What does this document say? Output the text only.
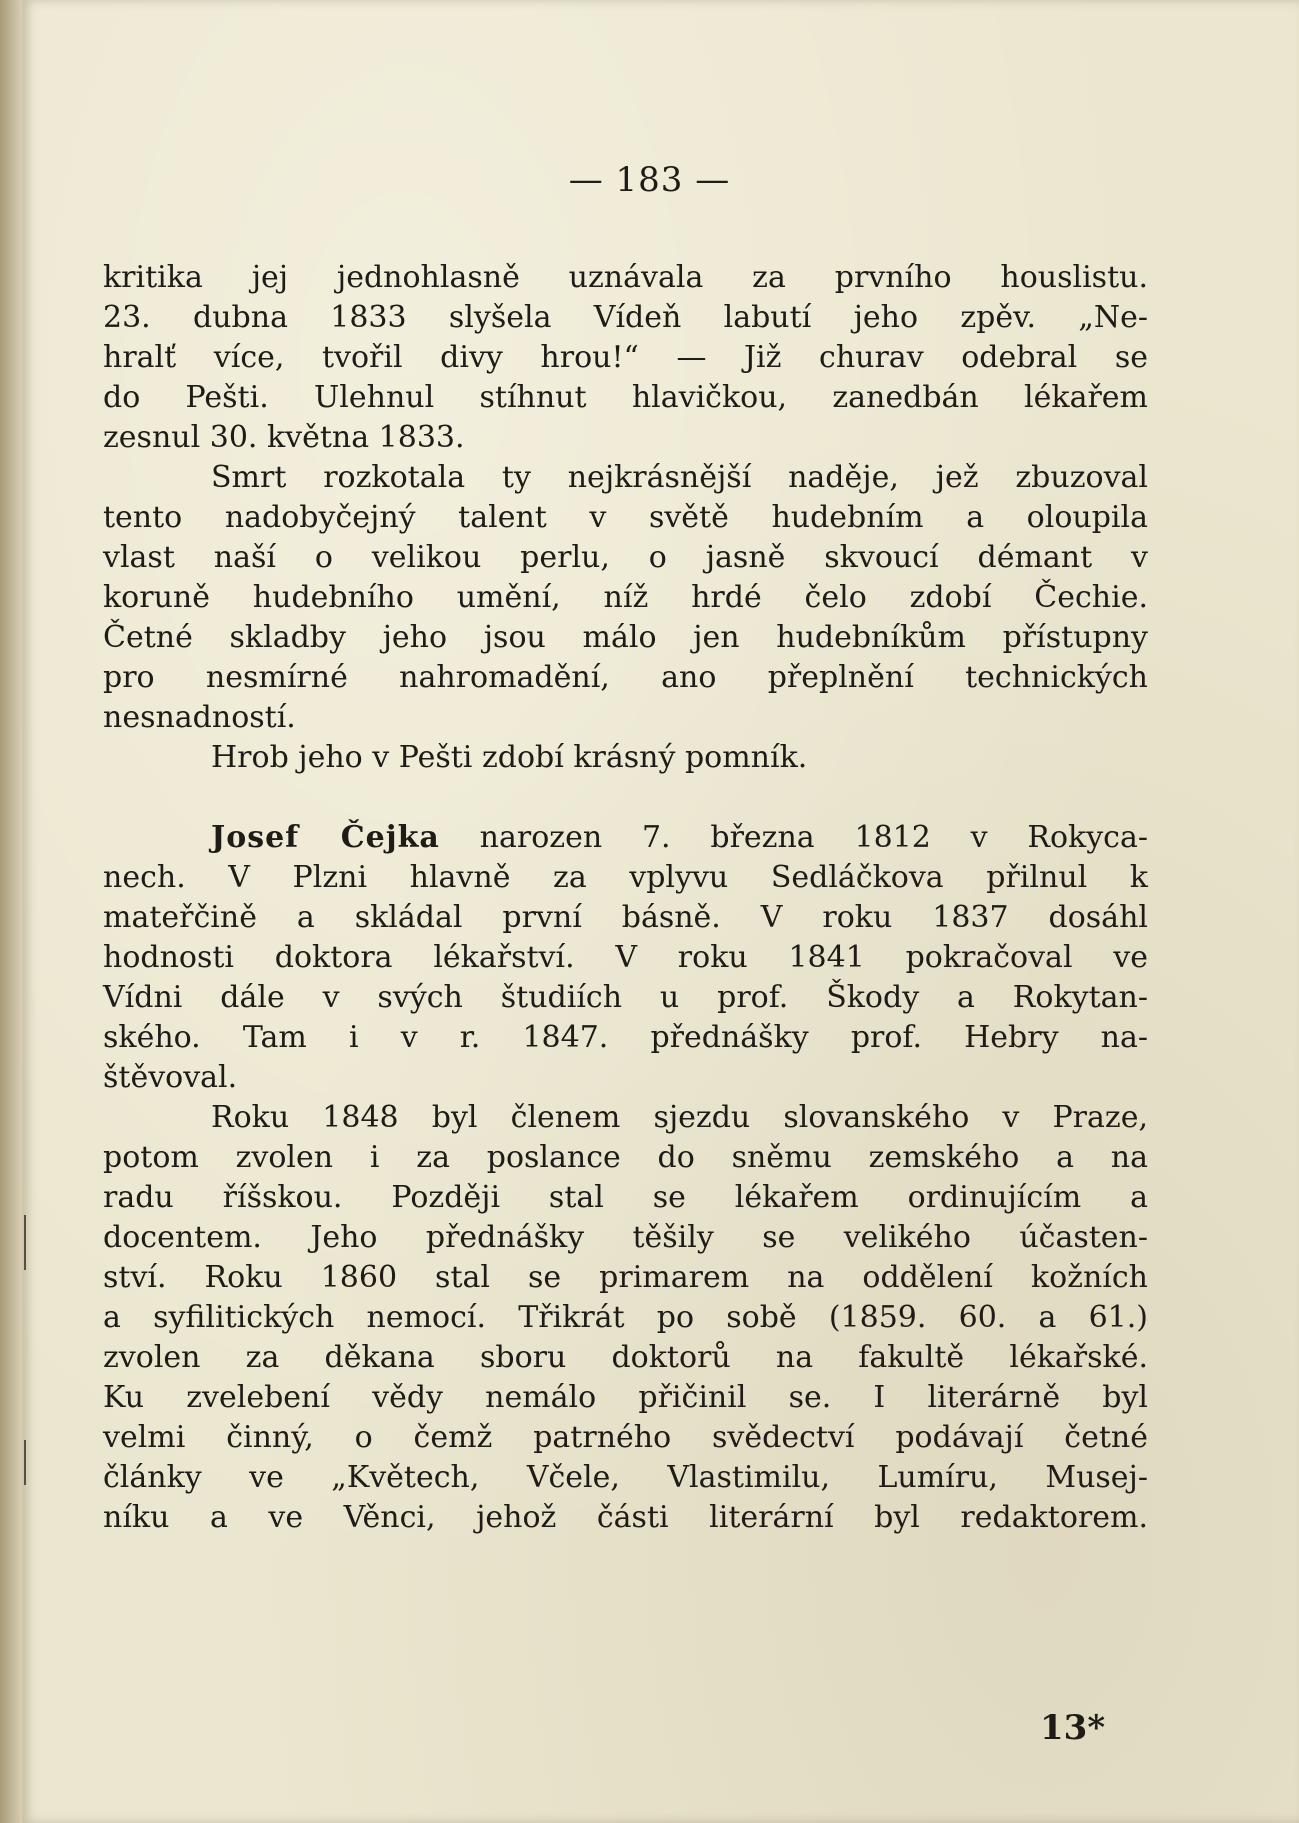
— 183 —
kritika jej jednohlasně uznávala za prvního houslistu.
23. dubna 1833 slyšela Vídeň labutí jeho zpěv. „Ne-
hralť více, tvořil divy hrou!“ — Již churav odebral se
do Pešti. Ulehnul stíhnut hlavičkou, zanedbán lékařem
zesnul 30. května 1833.
Smrt rozkotala ty nejkrásnější naděje, jež zbuzoval
tento nadobyčejný talent v světě hudebním a oloupila
vlast naší o velikou perlu, o jasně skvoucí démant v
koruně hudebního umění, níž hrdé čelo zdobí Čechie.
Četné skladby jeho jsou málo jen hudebníkům přístupny
pro nesmírné nahromadění, ano přeplnění technických
nesnadností.
Hrob jeho v Pešti zdobí krásný pomník.
Josef Čejka narozen 7. března 1812 v Rokyca-
nech. V Plzni hlavně za vplyvu Sedláčkova přilnul k
mateřčině a skládal první básně. V roku 1837 dosáhl
hodnosti doktora lékařství. V roku 1841 pokračoval ve
Vídni dále v svých študiích u prof. Škody a Rokytan-
ského. Tam i v r. 1847. přednášky prof. Hebry na-
štěvoval.
Roku 1848 byl členem sjezdu slovanského v Praze,
potom zvolen i za poslance do sněmu zemského a na
radu říšskou. Později stal se lékařem ordinujícím a
docentem. Jeho přednášky těšily se velikého účasten-
ství. Roku 1860 stal se primarem na oddělení kožních
a syfilitických nemocí. Třikrát po sobě (1859. 60. a 61.)
zvolen za děkana sboru doktorů na fakultě lékařské.
Ku zvelebení vědy nemálo přičinil se. I literárně byl
velmi činný, o čemž patrného svědectví podávají četné
články ve „Květech, Včele, Vlastimilu, Lumíru, Musej-
níku a ve Věnci, jehož části literární byl redaktorem.
13*
